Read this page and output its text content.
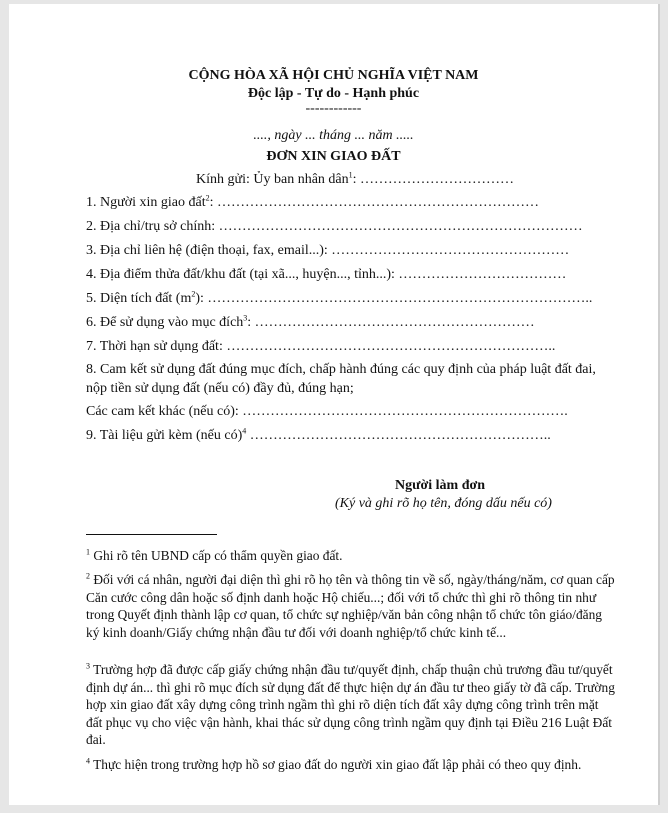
CỘNG HÒA XÃ HỘI CHỦ NGHĨA VIỆT NAM
Độc lập - Tự do - Hạnh phúc
------------
...., ngày ... tháng ... năm .....
ĐƠN XIN GIAO ĐẤT
Kính gửi: Ủy ban nhân dân$^1$: ……………………………
1. Người xin giao đất$^2$: ……………………………………………………………
2. Địa chỉ/trụ sở chính: ……………………………………………………………………
3. Địa chỉ liên hệ (điện thoại, fax, email...): ……………………………………………
4. Địa điểm thửa đất/khu đất (tại xã..., huyện..., tỉnh...): ………………………………
5. Diện tích đất $(m^2)$: ………………………………………………………………………..
6. Để sử dụng vào mục đích$^3$: ……………………………………………………
7. Thời hạn sử dụng đất: ……………………………………………………………..
8. Cam kết sử dụng đất đúng mục đích, chấp hành đúng các quy định của pháp luật đất đai, nộp tiền sử dụng đất (nếu có) đầy đủ, đúng hạn;
Các cam kết khác (nếu có): …………………………………………………………….
9. Tài liệu gửi kèm (nếu có)$^4$ ………………………………………………………..
Người làm đơn
(Ký và ghi rõ họ tên, đóng dấu nếu có)
$^1$ Ghi rõ tên UBND cấp có thẩm quyền giao đất.
$^2$ Đối với cá nhân, người đại diện thì ghi rõ họ tên và thông tin về số, ngày/tháng/năm, cơ quan cấp Căn cước công dân hoặc số định danh hoặc Hộ chiếu...; đối với tổ chức thì ghi rõ thông tin như trong Quyết định thành lập cơ quan, tổ chức sự nghiệp/văn bản công nhận tổ chức tôn giáo/đăng ký kinh doanh/Giấy chứng nhận đầu tư đối với doanh nghiệp/tổ chức kinh tế...
$^3$ Trường hợp đã được cấp giấy chứng nhận đầu tư/quyết định, chấp thuận chủ trương đầu tư/quyết định dự án... thì ghi rõ mục đích sử dụng đất để thực hiện dự án đầu tư theo giấy tờ đã cấp. Trường hợp xin giao đất xây dựng công trình ngầm thì ghi rõ diện tích đất xây dựng công trình trên mặt đất phục vụ cho việc vận hành, khai thác sử dụng công trình ngầm quy định tại Điều 216 Luật Đất đai.
$^4$ Thực hiện trong trường hợp hồ sơ giao đất do người xin giao đất lập phải có theo quy định.
